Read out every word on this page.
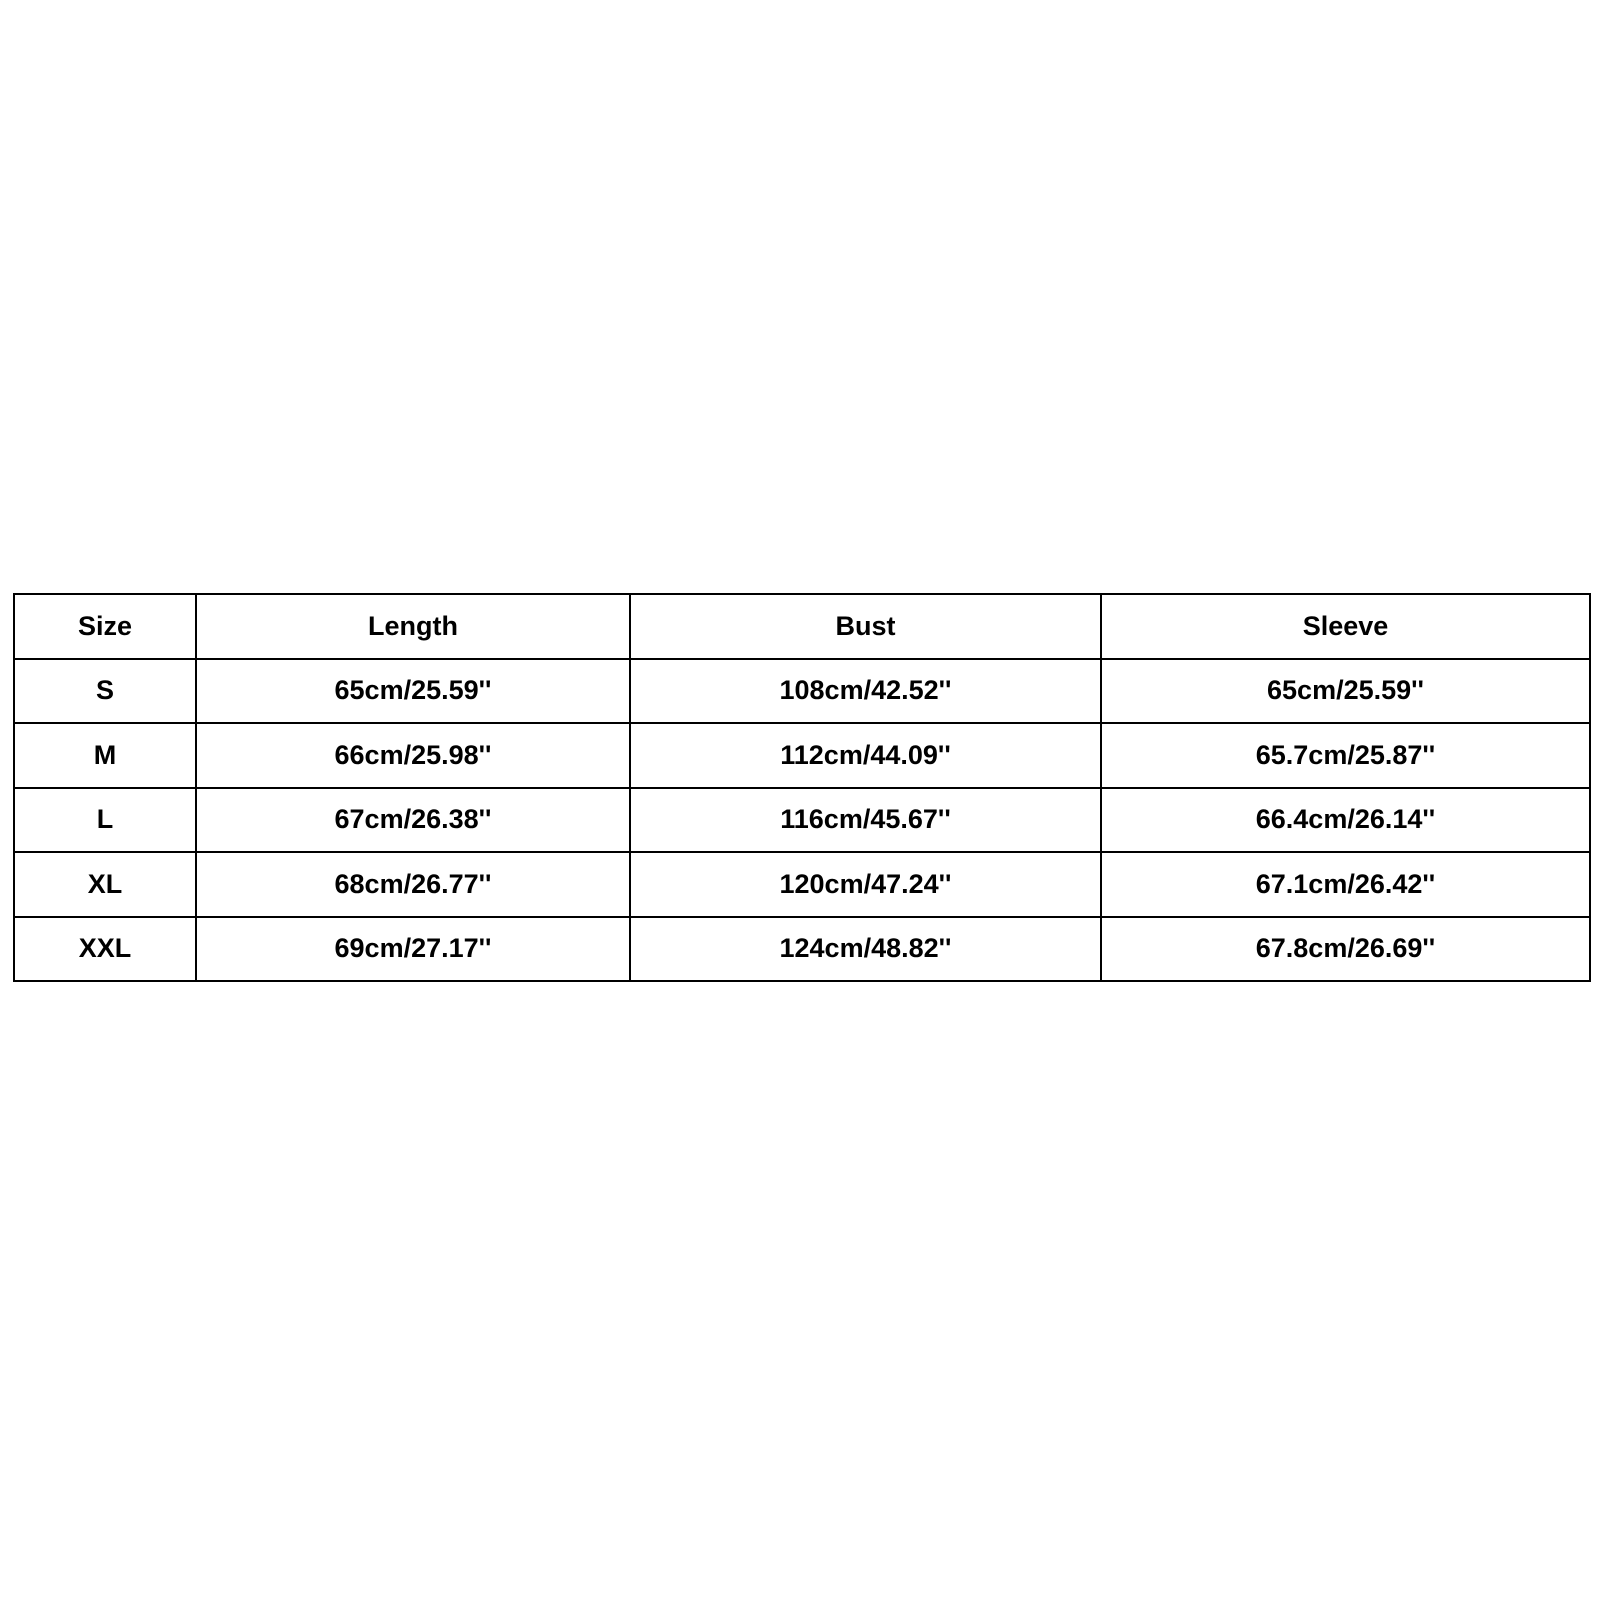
Size	Length	Bust	Sleeve
S	65cm/25.59''	108cm/42.52''	65cm/25.59''
M	66cm/25.98''	112cm/44.09''	65.7cm/25.87''
L	67cm/26.38''	116cm/45.67''	66.4cm/26.14''
XL	68cm/26.77''	120cm/47.24''	67.1cm/26.42''
XXL	69cm/27.17''	124cm/48.82''	67.8cm/26.69''
